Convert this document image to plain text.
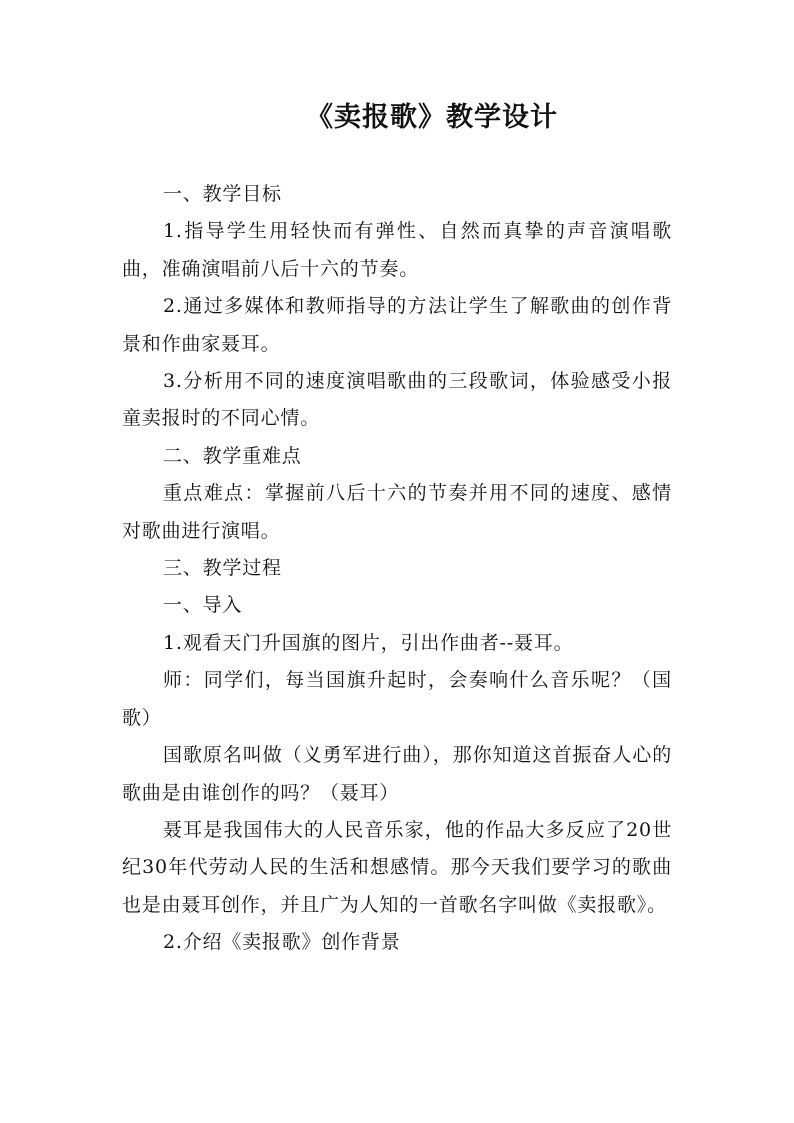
《卖报歌》教学设计

一、教学目标

1.指导学生用轻快而有弹性、自然而真挚的声音演唱歌曲，准确演唱前八后十六的节奏。

2.通过多媒体和教师指导的方法让学生了解歌曲的创作背景和作曲家聂耳。

3.分析用不同的速度演唱歌曲的三段歌词，体验感受小报童卖报时的不同心情。

二、教学重难点

重点难点：掌握前八后十六的节奏并用不同的速度、感情对歌曲进行演唱。

三、教学过程

一、导入

1.观看天门升国旗的图片，引出作曲者--聂耳。

师：同学们，每当国旗升起时，会奏响什么音乐呢？（国歌）

国歌原名叫做（义勇军进行曲），那你知道这首振奋人心的歌曲是由谁创作的吗？（聂耳）

聂耳是我国伟大的人民音乐家，他的作品大多反应了20世纪30年代劳动人民的生活和想感情。那今天我们要学习的歌曲也是由聂耳创作，并且广为人知的一首歌名字叫做《卖报歌》。

2.介绍《卖报歌》创作背景
